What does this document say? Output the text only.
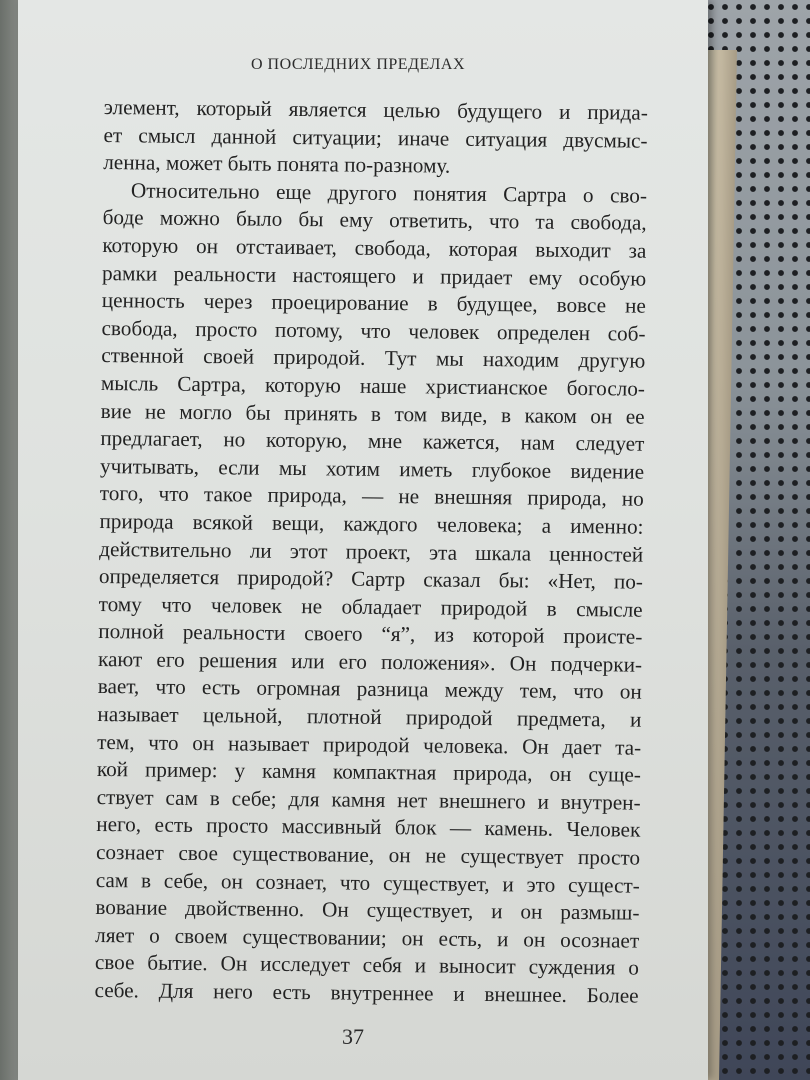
О ПОСЛЕДНИХ ПРЕДЕЛАХ
элемент, который является целью будущего и прида-
ет смысл данной ситуации; иначе ситуация двусмыс-
ленна, может быть понята по-разному.
Относительно еще другого понятия Сартра о сво-
боде можно было бы ему ответить, что та свобода,
которую он отстаивает, свобода, которая выходит за
рамки реальности настоящего и придает ему особую
ценность через проецирование в будущее, вовсе не
свобода, просто потому, что человек определен соб-
ственной своей природой. Тут мы находим другую
мысль Сартра, которую наше христианское богосло-
вие не могло бы принять в том виде, в каком он ее
предлагает, но которую, мне кажется, нам следует
учитывать, если мы хотим иметь глубокое видение
того, что такое природа, — не внешняя природа, но
природа всякой вещи, каждого человека; а именно:
действительно ли этот проект, эта шкала ценностей
определяется природой? Сартр сказал бы: «Нет, по-
тому что человек не обладает природой в смысле
полной реальности своего “я”, из которой происте-
кают его решения или его положения». Он подчерки-
вает, что есть огромная разница между тем, что он
называет цельной, плотной природой предмета, и
тем, что он называет природой человека. Он дает та-
кой пример: у камня компактная природа, он суще-
ствует сам в себе; для камня нет внешнего и внутрен-
него, есть просто массивный блок — камень. Человек
сознает свое существование, он не существует просто
сам в себе, он сознает, что существует, и это сущест-
вование двойственно. Он существует, и он размыш-
ляет о своем существовании; он есть, и он осознает
свое бытие. Он исследует себя и выносит суждения о
себе. Для него есть внутреннее и внешнее. Более
37
